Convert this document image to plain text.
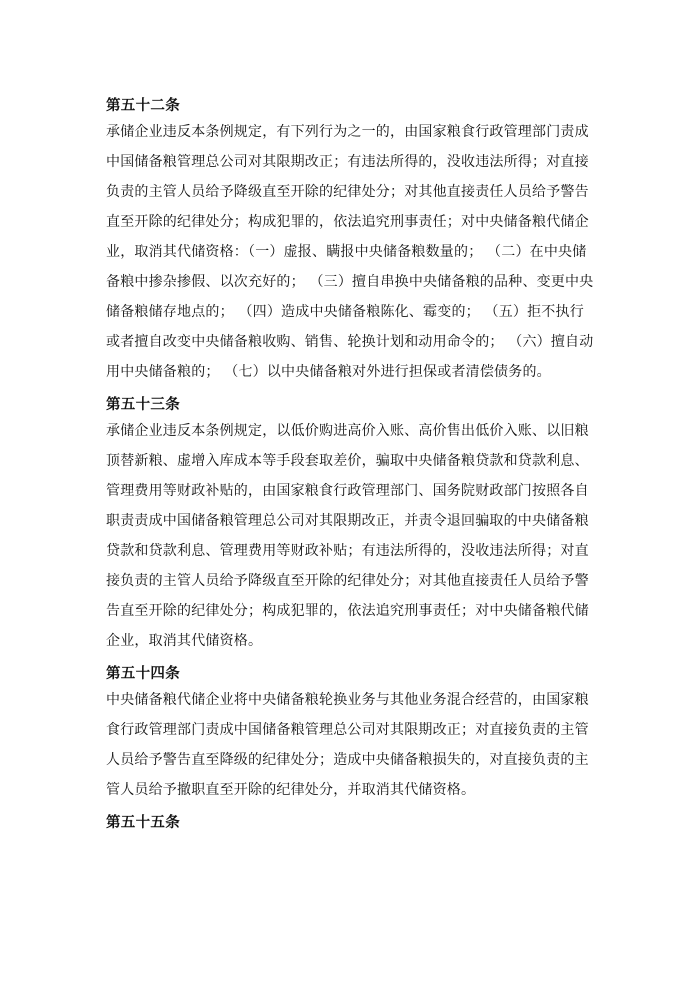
第五十二条
承储企业违反本条例规定，有下列行为之一的，由国家粮食行政管理部门责成
中国储备粮管理总公司对其限期改正；有违法所得的，没收违法所得；对直接
负责的主管人员给予降级直至开除的纪律处分；对其他直接责任人员给予警告
直至开除的纪律处分；构成犯罪的，依法追究刑事责任；对中央储备粮代储企
业，取消其代储资格：（一）虚报、瞒报中央储备粮数量的； （二）在中央储
备粮中掺杂掺假、以次充好的； （三）擅自串换中央储备粮的品种、变更中央
储备粮储存地点的； （四）造成中央储备粮陈化、霉变的； （五）拒不执行
或者擅自改变中央储备粮收购、销售、轮换计划和动用命令的； （六）擅自动
用中央储备粮的； （七）以中央储备粮对外进行担保或者清偿债务的。
第五十三条
承储企业违反本条例规定，以低价购进高价入账、高价售出低价入账、以旧粮
顶替新粮、虚增入库成本等手段套取差价，骗取中央储备粮贷款和贷款利息、
管理费用等财政补贴的，由国家粮食行政管理部门、国务院财政部门按照各自
职责责成中国储备粮管理总公司对其限期改正，并责令退回骗取的中央储备粮
贷款和贷款利息、管理费用等财政补贴；有违法所得的，没收违法所得；对直
接负责的主管人员给予降级直至开除的纪律处分；对其他直接责任人员给予警
告直至开除的纪律处分；构成犯罪的，依法追究刑事责任；对中央储备粮代储
企业，取消其代储资格。
第五十四条
中央储备粮代储企业将中央储备粮轮换业务与其他业务混合经营的，由国家粮
食行政管理部门责成中国储备粮管理总公司对其限期改正；对直接负责的主管
人员给予警告直至降级的纪律处分；造成中央储备粮损失的，对直接负责的主
管人员给予撤职直至开除的纪律处分，并取消其代储资格。
第五十五条
